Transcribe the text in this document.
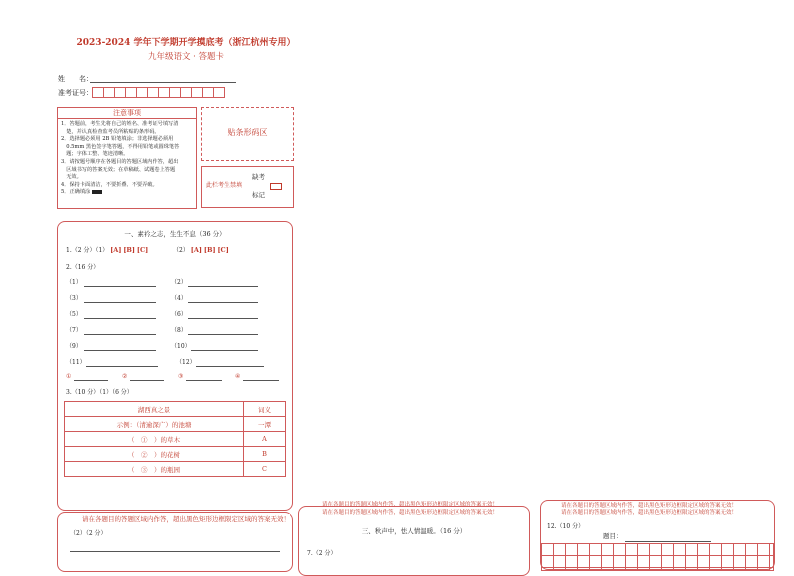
2023-2024 学年下学期开学摸底考（浙江杭州专用）
九年级语文 · 答题卡
姓　　名：
准考证号：
注意事项
1．答题前，考生先将自己的姓名、准考证号填写清
　楚，并认真检查监考员所粘贴的条形码。
2．选择题必须用 2B 铅笔填涂；非选择题必须用
　0.5mm 黑色签字笔答题，不得用铅笔或圆珠笔答
　题；字体工整、笔迹清晰。
3．请按题号顺序在各题目的答题区域内作答，超出
　区域书写的答案无效；在草稿纸、试题卷上答题
　无效。
4．保持卡面清洁，不要折叠、不要弄破。
5．正确填涂
贴条形码区
此栏考生禁填
缺考
标记
一、素衿之志，生生不息（36 分）
1.（2 分）（1） [A] [B] [C]	（2） [A] [B] [C]
2.（16 分）
（1）	（2）
（3）	（4）
（5）	（6）
（7）	（8）
（9）	（10）
（11）	（12）
①	②	③	④
3.（10 分）（1）（6 分）
湖西真之景	词义
示例：（清逾深广）的池塘	一潭
（　①　）的草木	A
（　②　）的花树	B
（　③　）的瓶园	C
请在各题目的答题区域内作答，超出黑色矩形边框限定区域的答案无效！
（2）（2 分）
请在各题目的答题区域内作答，超出黑色矩形边框限定区域的答案无效！
请在各题目的答题区域内作答，超出黑色矩形边框限定区域的答案无效！
三、秋声中，怯人情温暖。（16 分）
7.（2 分）
请在各题目的答题区域内作答，超出黑色矩形边框限定区域的答案无效！
请在各题目的答题区域内作答，超出黑色矩形边框限定区域的答案无效！
12.（10 分）
题目：
